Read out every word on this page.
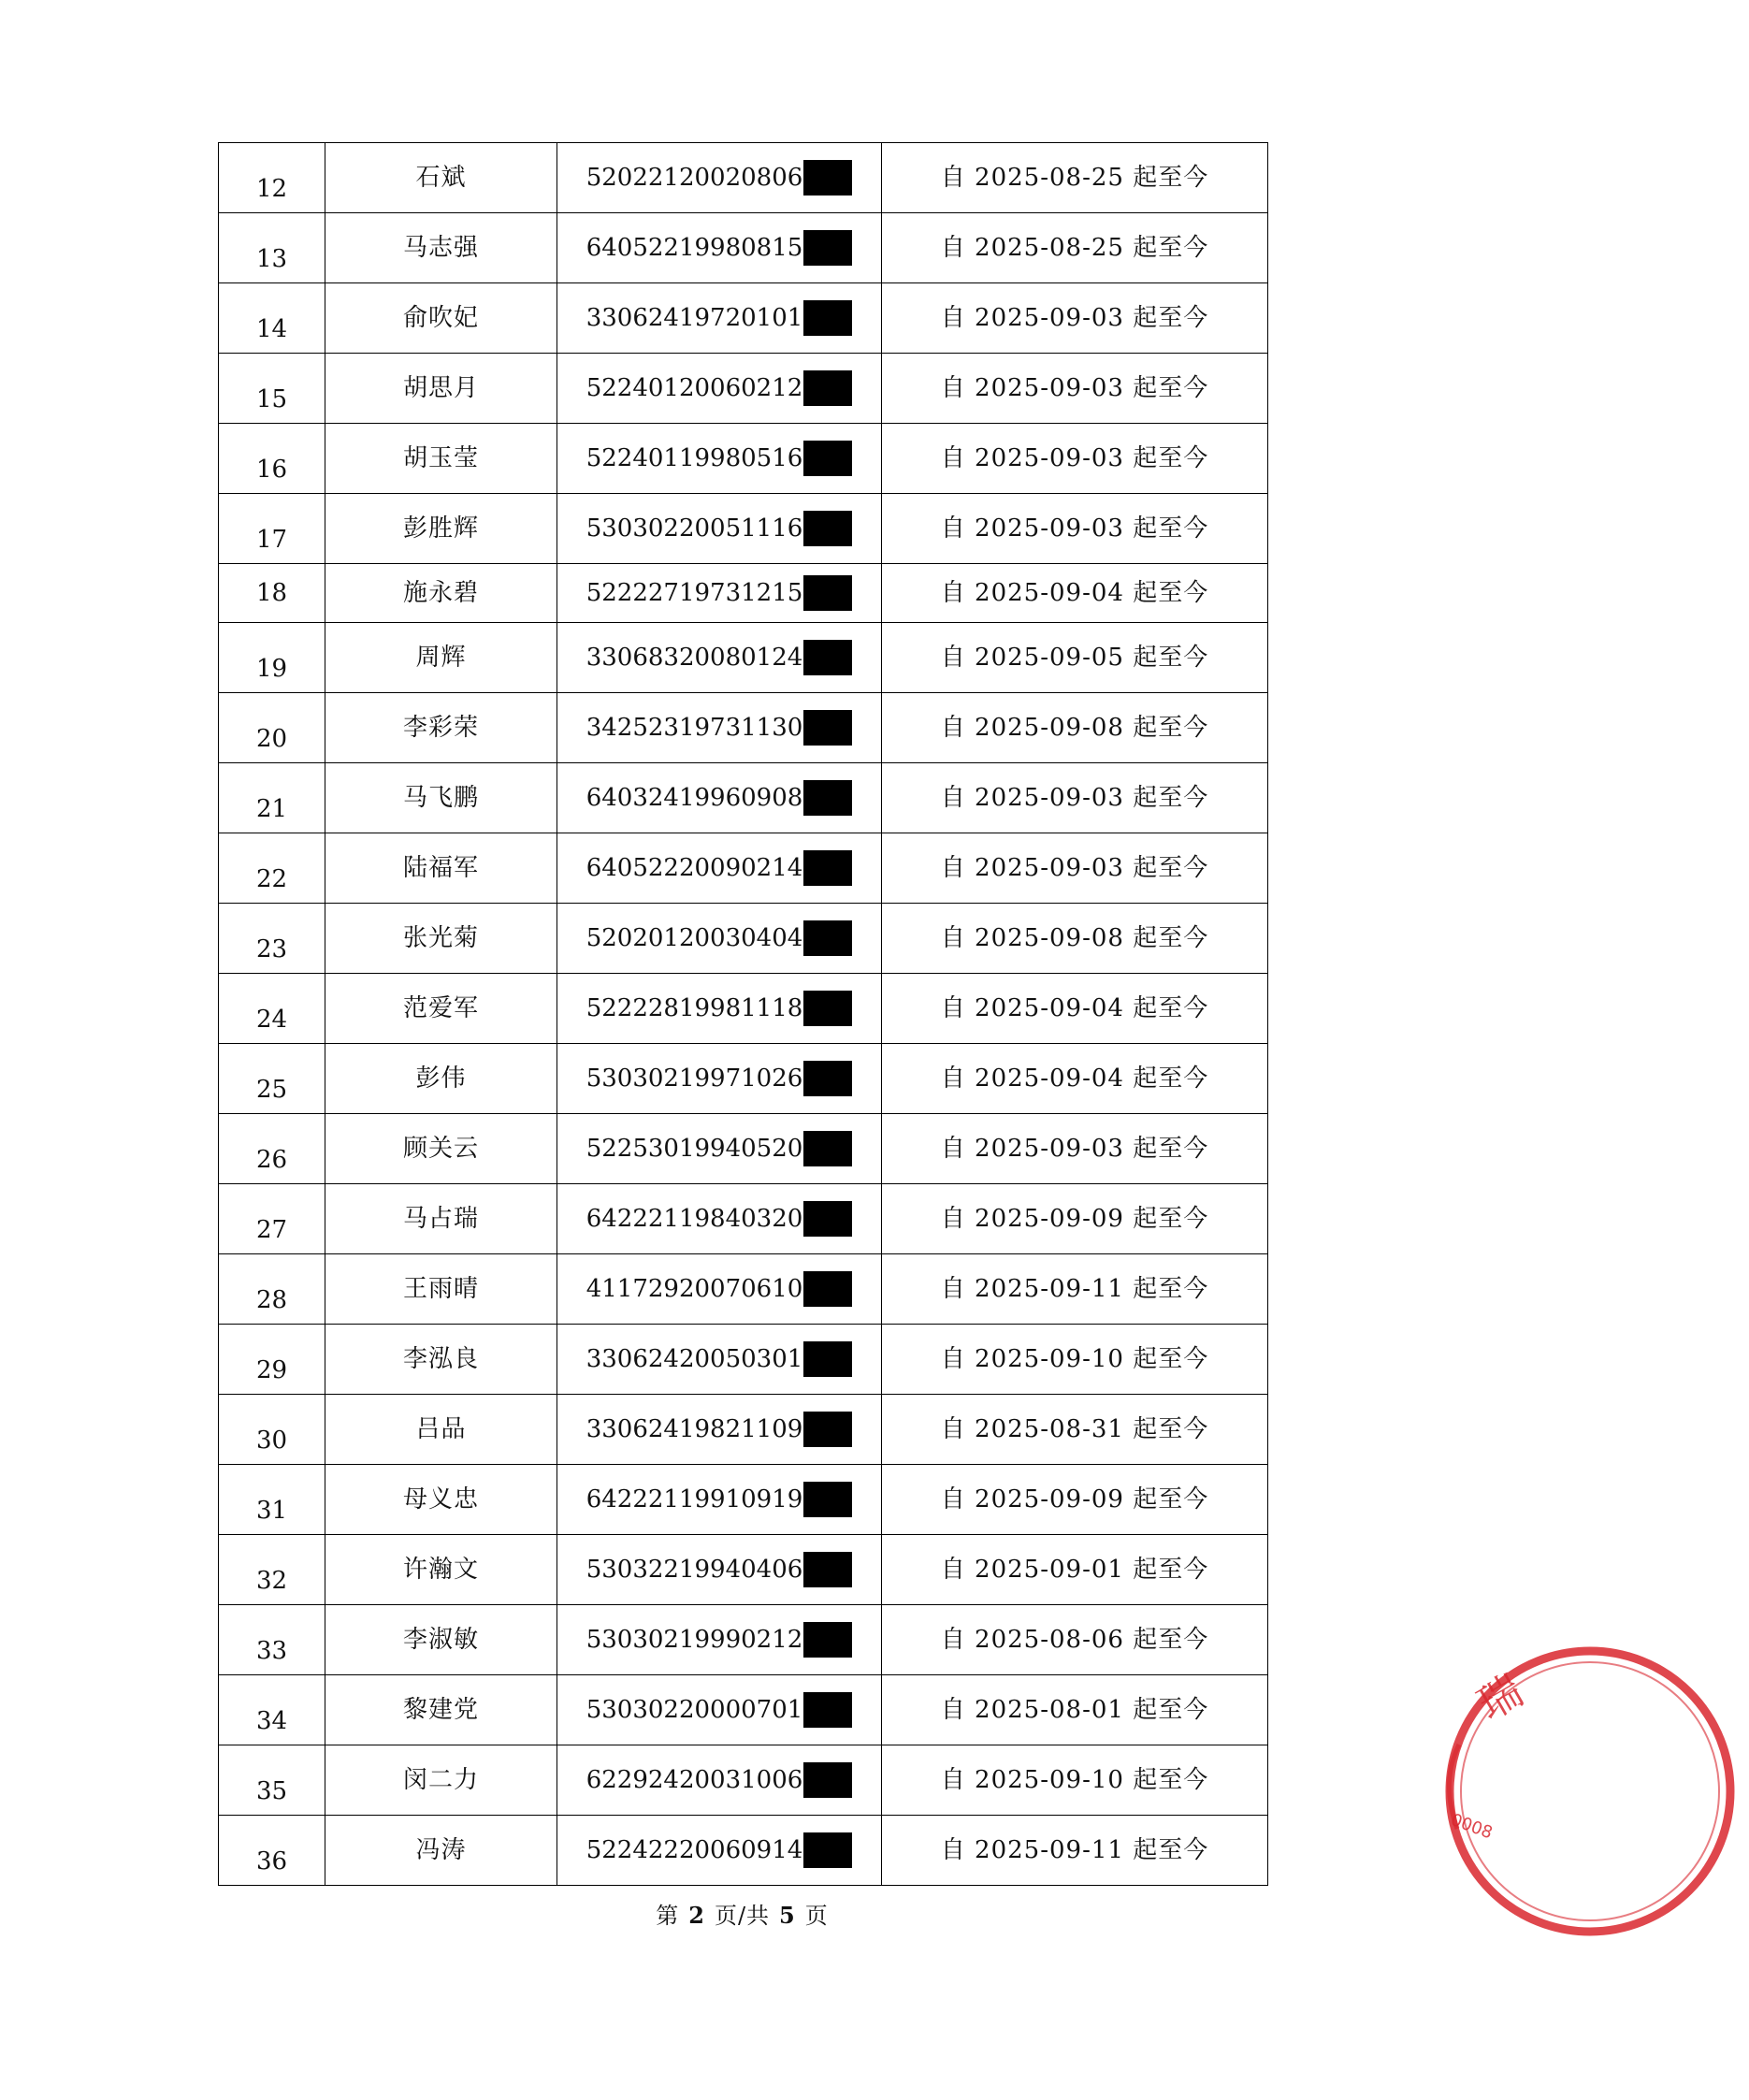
12	石斌	52022120020806	自 2025-08-25 起至今
13	马志强	64052219980815	自 2025-08-25 起至今
14	俞吹妃	33062419720101	自 2025-09-03 起至今
15	胡思月	52240120060212	自 2025-09-03 起至今
16	胡玉莹	52240119980516	自 2025-09-03 起至今
17	彭胜辉	53030220051116	自 2025-09-03 起至今
18	施永碧	52222719731215	自 2025-09-04 起至今
19	周辉	33068320080124	自 2025-09-05 起至今
20	李彩荣	34252319731130	自 2025-09-08 起至今
21	马飞鹏	64032419960908	自 2025-09-03 起至今
22	陆福军	64052220090214	自 2025-09-03 起至今
23	张光菊	52020120030404	自 2025-09-08 起至今
24	范爱军	52222819981118	自 2025-09-04 起至今
25	彭伟	53030219971026	自 2025-09-04 起至今
26	顾关云	52253019940520	自 2025-09-03 起至今
27	马占瑞	64222119840320	自 2025-09-09 起至今
28	王雨晴	41172920070610	自 2025-09-11 起至今
29	李泓良	33062420050301	自 2025-09-10 起至今
30	吕品	33062419821109	自 2025-08-31 起至今
31	母义忠	64222119910919	自 2025-09-09 起至今
32	许瀚文	53032219940406	自 2025-09-01 起至今
33	李淑敏	53030219990212	自 2025-08-06 起至今
34	黎建党	53030220000701	自 2025-08-01 起至今
35	闵二力	62292420031006	自 2025-09-10 起至今
36	冯涛	52242220060914	自 2025-09-11 起至今
第 2 页/共 5 页
瑞
0008
